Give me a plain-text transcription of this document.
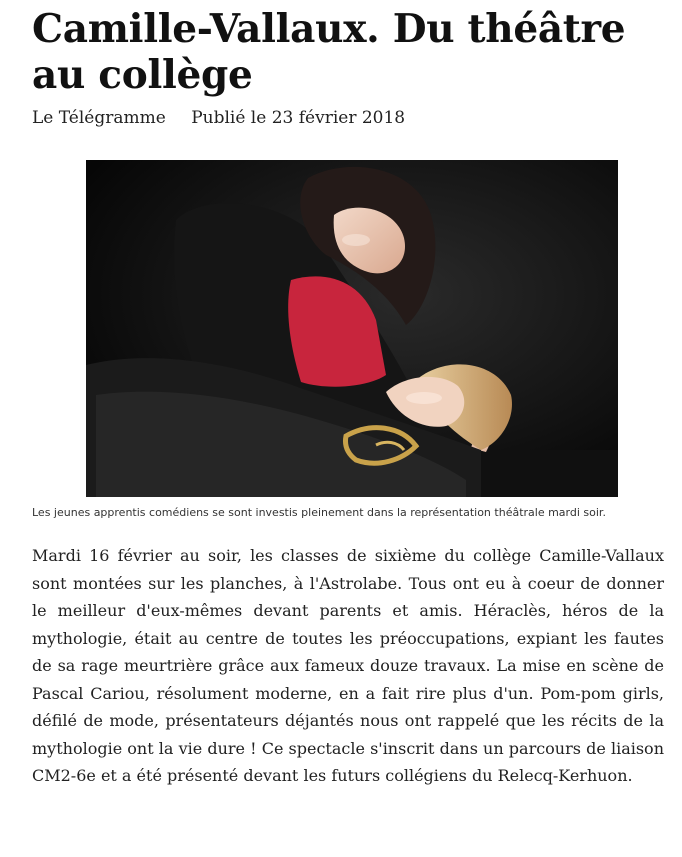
Camille-Vallaux. Du théâtre au collège
Le Télégramme Publié le 23 février 2018
Les jeunes apprentis comédiens se sont investis pleinement dans la représentation théâtrale mardi soir.

Mardi 16 février au soir, les classes de sixième du collège Camille-Vallaux sont montées sur les planches, à l'Astrolabe. Tous ont eu à coeur de donner le meilleur d'eux-mêmes devant parents et amis. Héraclès, héros de la mythologie, était au centre de toutes les préoccupations, expiant les fautes de sa rage meurtrière grâce aux fameux douze travaux. La mise en scène de Pascal Cariou, résolument moderne, en a fait rire plus d'un. Pom-pom girls, défilé de mode, présentateurs déjantés nous ont rappelé que les récits de la mythologie ont la vie dure ! Ce spectacle s'inscrit dans un parcours de liaison CM2-6e et a été présenté devant les futurs collégiens du Relecq-Kerhuon.
